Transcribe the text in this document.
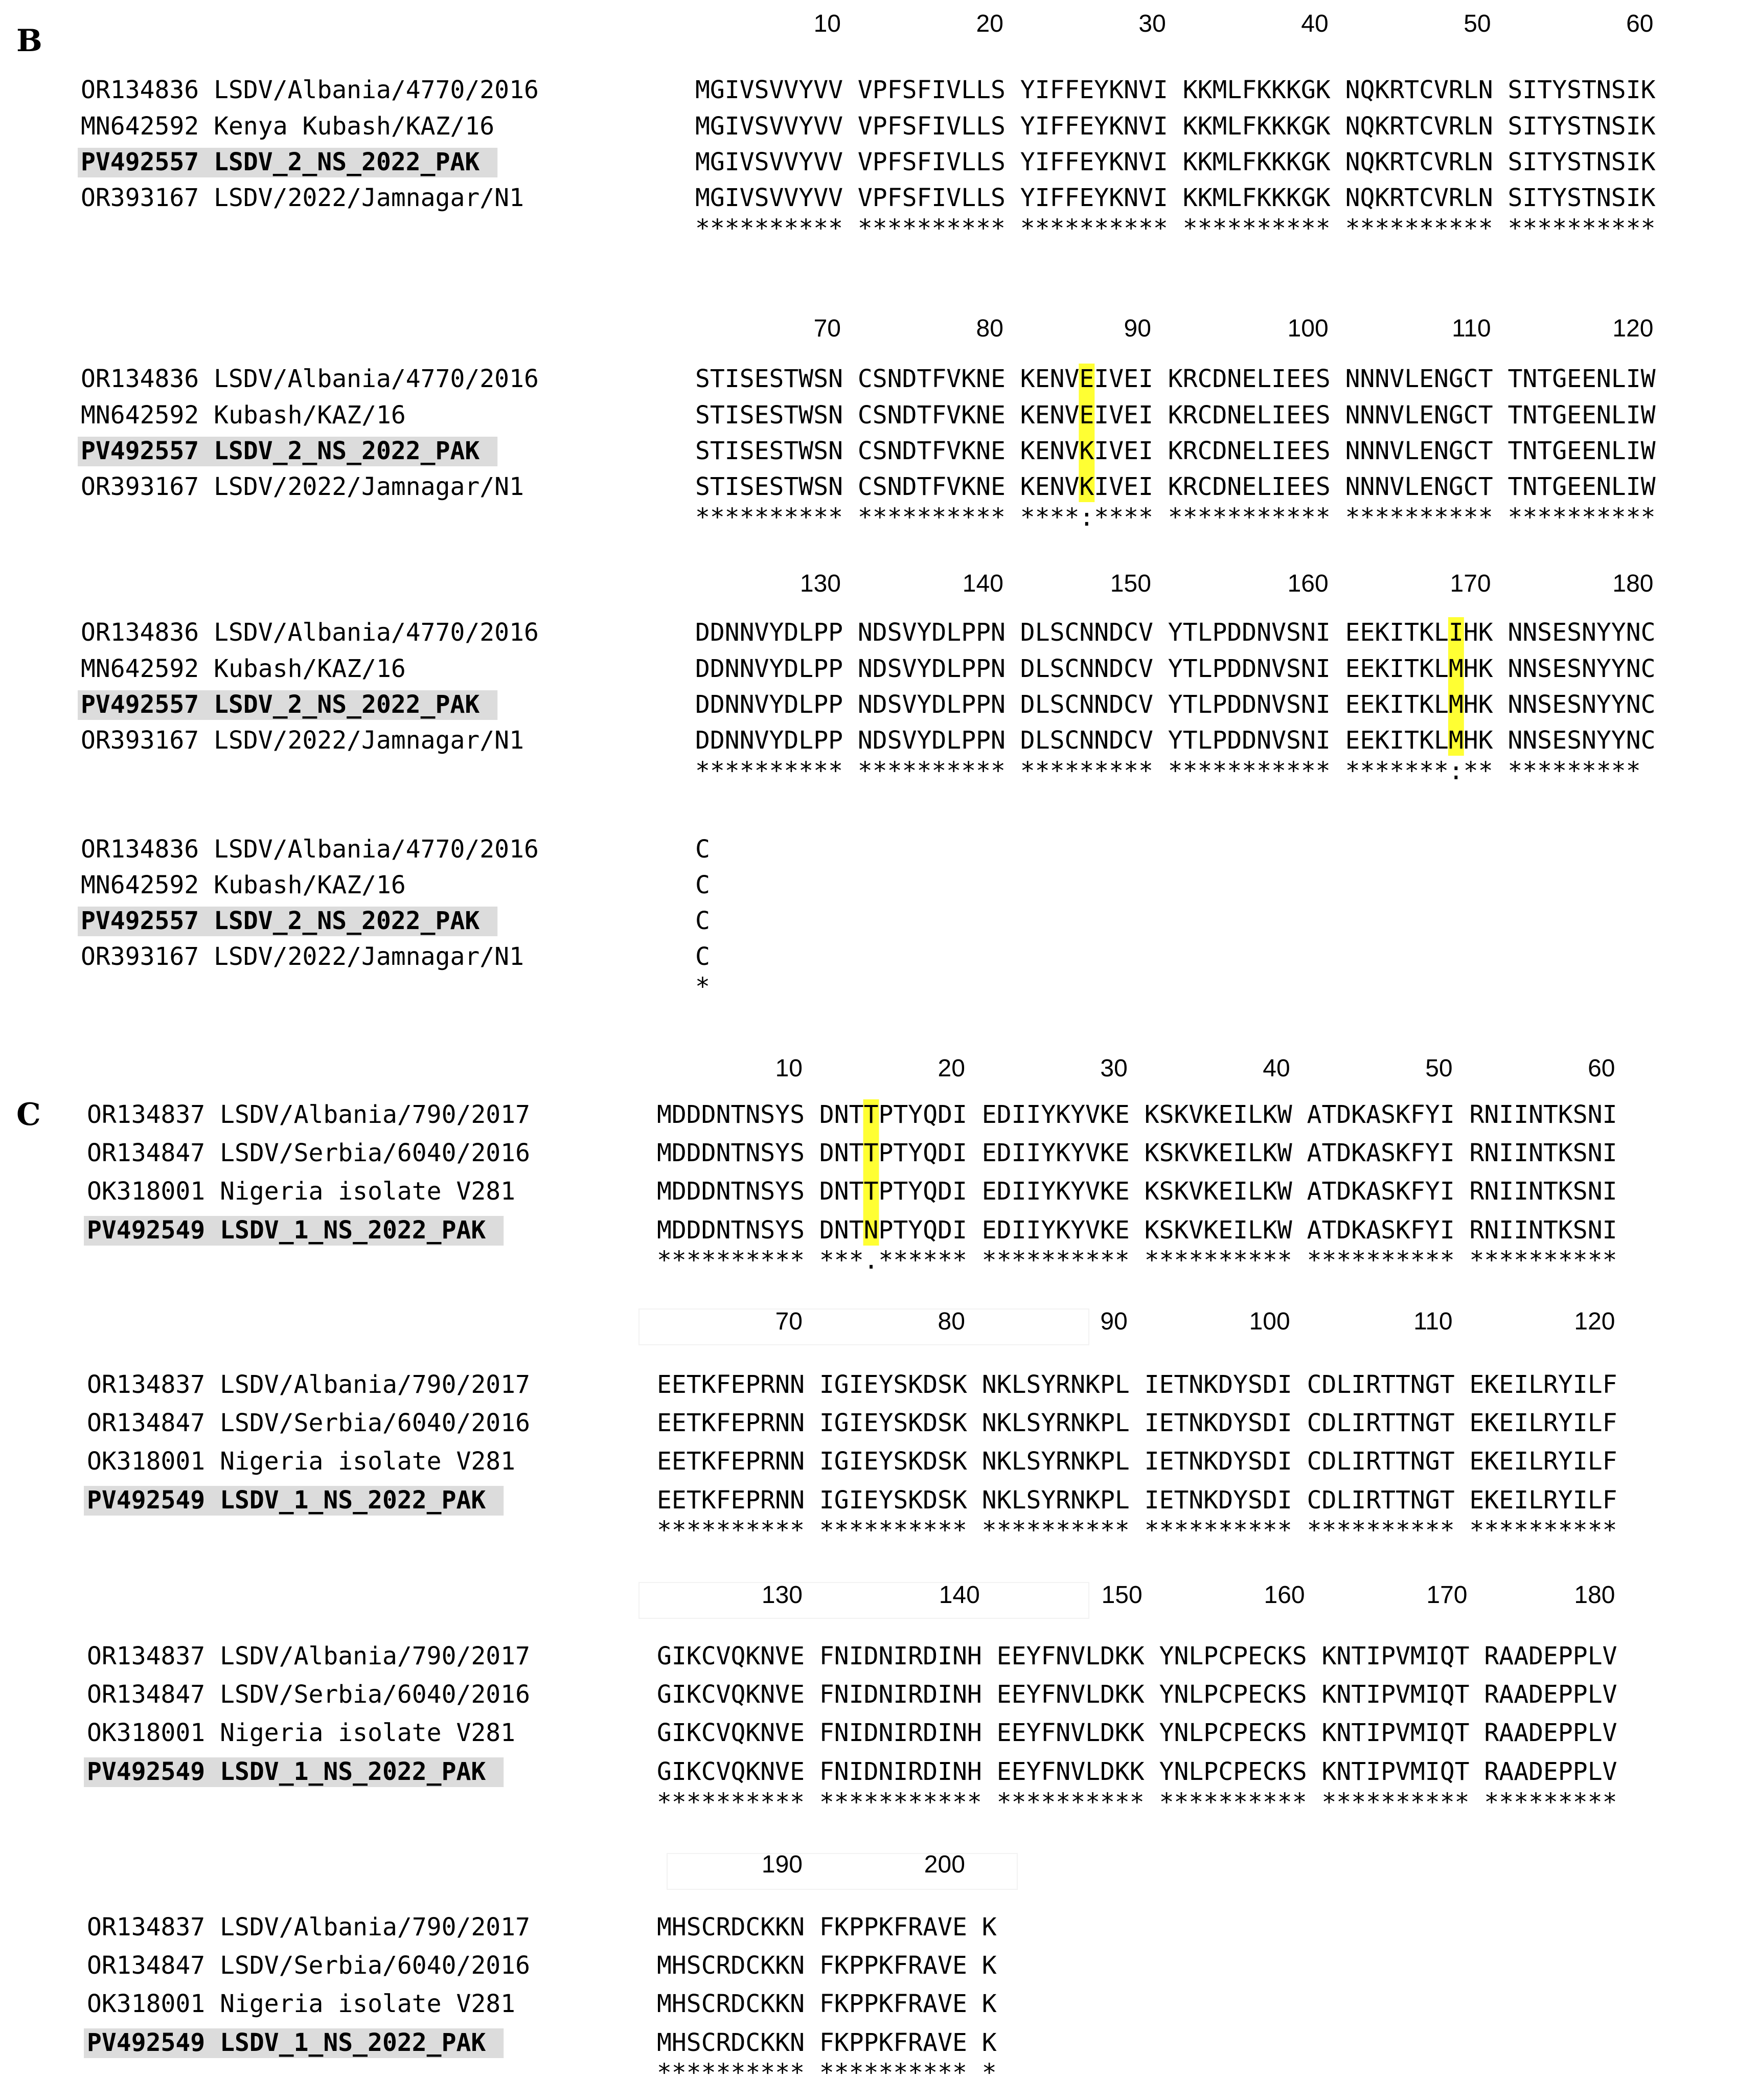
B	10	20	30	40	50	60
OR134836 LSDV/Albania/4770/2016	MGIVSVVYVV VPFSFIVLLS YIFFEYKNVI KKMLFKKKGK NQKRTCVRLN SITYSTNSIK
MN642592 Kenya Kubash/KAZ/16	MGIVSVVYVV VPFSFIVLLS YIFFEYKNVI KKMLFKKKGK NQKRTCVRLN SITYSTNSIK
PV492557 LSDV_2_NS_2022_PAK	MGIVSVVYVV VPFSFIVLLS YIFFEYKNVI KKMLFKKKGK NQKRTCVRLN SITYSTNSIK
OR393167 LSDV/2022/Jamnagar/N1	MGIVSVVYVV VPFSFIVLLS YIFFEYKNVI KKMLFKKKGK NQKRTCVRLN SITYSTNSIK
********** ********** ********** ********** ********** **********
70	80	90	100	110	120
OR134836 LSDV/Albania/4770/2016	STISESTWSN CSNDTFVKNE KENVEIVEI KRCDNELIEES NNNVLENGCT TNTGEENLIW
MN642592 Kubash/KAZ/16	STISESTWSN CSNDTFVKNE KENVEIVEI KRCDNELIEES NNNVLENGCT TNTGEENLIW
PV492557 LSDV_2_NS_2022_PAK	STISESTWSN CSNDTFVKNE KENVKIVEI KRCDNELIEES NNNVLENGCT TNTGEENLIW
OR393167 LSDV/2022/Jamnagar/N1	STISESTWSN CSNDTFVKNE KENVKIVEI KRCDNELIEES NNNVLENGCT TNTGEENLIW
********** ********** ****:**** *********** ********** **********
130	140	150	160	170	180
OR134836 LSDV/Albania/4770/2016	DDNNVYDLPP NDSVYDLPPN DLSCNNDCV YTLPDDNVSNI EEKITKLIHK NNSESNYYNC
MN642592 Kubash/KAZ/16	DDNNVYDLPP NDSVYDLPPN DLSCNNDCV YTLPDDNVSNI EEKITKLMHK NNSESNYYNC
PV492557 LSDV_2_NS_2022_PAK	DDNNVYDLPP NDSVYDLPPN DLSCNNDCV YTLPDDNVSNI EEKITKLMHK NNSESNYYNC
OR393167 LSDV/2022/Jamnagar/N1	DDNNVYDLPP NDSVYDLPPN DLSCNNDCV YTLPDDNVSNI EEKITKLMHK NNSESNYYNC
********** ********** ********* *********** *******:** *********
OR134836 LSDV/Albania/4770/2016	C
MN642592 Kubash/KAZ/16	C
PV492557 LSDV_2_NS_2022_PAK	C
OR393167 LSDV/2022/Jamnagar/N1	C
*
C
10	20	30	40	50	60
OR134837 LSDV/Albania/790/2017	MDDDNTNSYS DNTTPTYQDI EDIIYKYVKE KSKVKEILKW ATDKASKFYI RNIINTKSNI
OR134847 LSDV/Serbia/6040/2016	MDDDNTNSYS DNTTPTYQDI EDIIYKYVKE KSKVKEILKW ATDKASKFYI RNIINTKSNI
OK318001 Nigeria isolate V281	MDDDNTNSYS DNTTPTYQDI EDIIYKYVKE KSKVKEILKW ATDKASKFYI RNIINTKSNI
PV492549 LSDV_1_NS_2022_PAK	MDDDNTNSYS DNTNPTYQDI EDIIYKYVKE KSKVKEILKW ATDKASKFYI RNIINTKSNI
********** ***.****** ********** ********** ********** **********
70	80	90	100	110	120
OR134837 LSDV/Albania/790/2017	EETKFEPRNN IGIEYSKDSK NKLSYRNKPL IETNKDYSDI CDLIRTTNGT EKEILRYILF
OR134847 LSDV/Serbia/6040/2016	EETKFEPRNN IGIEYSKDSK NKLSYRNKPL IETNKDYSDI CDLIRTTNGT EKEILRYILF
OK318001 Nigeria isolate V281	EETKFEPRNN IGIEYSKDSK NKLSYRNKPL IETNKDYSDI CDLIRTTNGT EKEILRYILF
PV492549 LSDV_1_NS_2022_PAK	EETKFEPRNN IGIEYSKDSK NKLSYRNKPL IETNKDYSDI CDLIRTTNGT EKEILRYILF
********** ********** ********** ********** ********** **********
130	140	150	160	170	180
OR134837 LSDV/Albania/790/2017	GIKCVQKNVE FNIDNIRDINH EEYFNVLDKK YNLPCPECKS KNTIPVMIQT RAADEPPLV
OR134847 LSDV/Serbia/6040/2016	GIKCVQKNVE FNIDNIRDINH EEYFNVLDKK YNLPCPECKS KNTIPVMIQT RAADEPPLV
OK318001 Nigeria isolate V281	GIKCVQKNVE FNIDNIRDINH EEYFNVLDKK YNLPCPECKS KNTIPVMIQT RAADEPPLV
PV492549 LSDV_1_NS_2022_PAK	GIKCVQKNVE FNIDNIRDINH EEYFNVLDKK YNLPCPECKS KNTIPVMIQT RAADEPPLV
********** *********** ********** ********** ********** *********
190	200
OR134837 LSDV/Albania/790/2017	MHSCRDCKKN FKPPKFRAVE K
OR134847 LSDV/Serbia/6040/2016	MHSCRDCKKN FKPPKFRAVE K
OK318001 Nigeria isolate V281	MHSCRDCKKN FKPPKFRAVE K
PV492549 LSDV_1_NS_2022_PAK	MHSCRDCKKN FKPPKFRAVE K
********** ********** *
